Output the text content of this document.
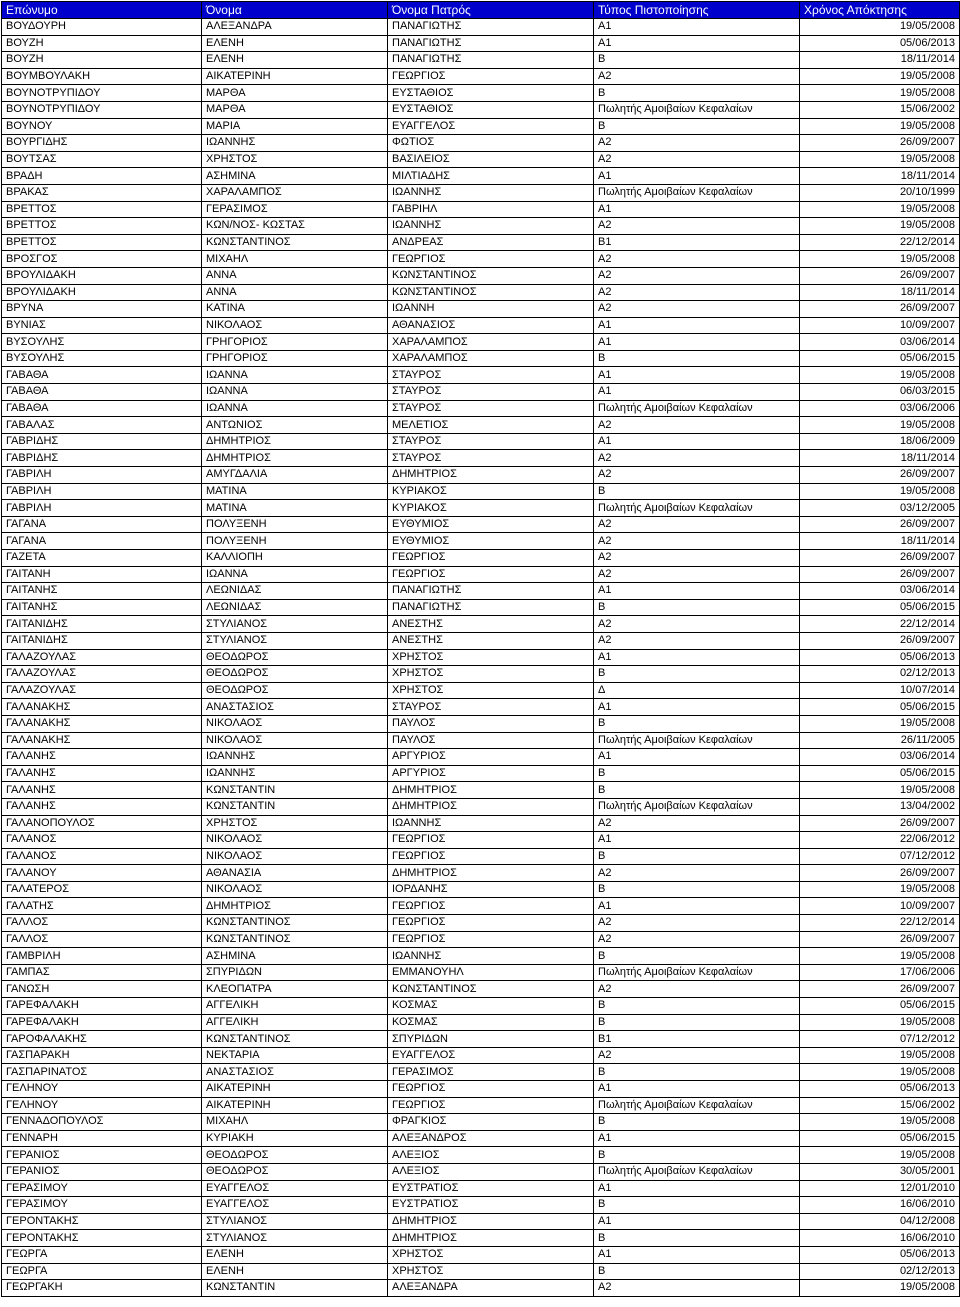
Επώνυμο	Όνομα	Όνομα Πατρός	Τύπος Πιστοποίησης	Χρόνος Απόκτησης
ΒΟΥΔΟΥΡΗ	ΑΛΕΞΑΝΔΡΑ	ΠΑΝΑΓΙΩΤΗΣ	Α1	19/05/2008
ΒΟΥΖΗ	ΕΛΕΝΗ	ΠΑΝΑΓΙΩΤΗΣ	Α1	05/06/2013
ΒΟΥΖΗ	ΕΛΕΝΗ	ΠΑΝΑΓΙΩΤΗΣ	Β	18/11/2014
ΒΟΥΜΒΟΥΛΑΚΗ	ΑΙΚΑΤΕΡΙΝΗ	ΓΕΩΡΓΙΟΣ	Α2	19/05/2008
ΒΟΥΝΟΤΡΥΠΙΔΟΥ	ΜΑΡΘΑ	ΕΥΣΤΑΘΙΟΣ	Β	19/05/2008
ΒΟΥΝΟΤΡΥΠΙΔΟΥ	ΜΑΡΘΑ	ΕΥΣΤΑΘΙΟΣ	Πωλητής Αμοιβαίων Κεφαλαίων	15/06/2002
ΒΟΥΝΟΥ	ΜΑΡΙΑ	ΕΥΑΓΓΕΛΟΣ	Β	19/05/2008
ΒΟΥΡΓΙΔΗΣ	ΙΩΑΝΝΗΣ	ΦΩΤΙΟΣ	Α2	26/09/2007
ΒΟΥΤΣΑΣ	ΧΡΗΣΤΟΣ	ΒΑΣΙΛΕΙΟΣ	Α2	19/05/2008
ΒΡΑΔΗ	ΑΣΗΜΙΝΑ	ΜΙΛΤΙΑΔΗΣ	Α1	18/11/2014
ΒΡΑΚΑΣ	ΧΑΡΑΛΑΜΠΟΣ	ΙΩΑΝΝΗΣ	Πωλητής Αμοιβαίων Κεφαλαίων	20/10/1999
ΒΡΕΤΤΟΣ	ΓΕΡΑΣΙΜΟΣ	ΓΑΒΡΙΗΛ	Α1	19/05/2008
ΒΡΕΤΤΟΣ	ΚΩΝ/ΝΟΣ- ΚΩΣΤΑΣ	ΙΩΑΝΝΗΣ	Α2	19/05/2008
ΒΡΕΤΤΟΣ	ΚΩΝΣΤΑΝΤΙΝΟΣ	ΑΝΔΡΕΑΣ	Β1	22/12/2014
ΒΡΟΣΓΟΣ	ΜΙΧΑΗΛ	ΓΕΩΡΓΙΟΣ	Α2	19/05/2008
ΒΡΟΥΛΙΔΑΚΗ	ΑΝΝΑ	ΚΩΝΣΤΑΝΤΙΝΟΣ	Α2	26/09/2007
ΒΡΟΥΛΙΔΑΚΗ	ΑΝΝΑ	ΚΩΝΣΤΑΝΤΙΝΟΣ	Α2	18/11/2014
ΒΡΥΝΑ	ΚΑΤΙΝΑ	ΙΩΑΝΝΗ	Α2	26/09/2007
ΒΥΝΙΑΣ	ΝΙΚΟΛΑΟΣ	ΑΘΑΝΑΣΙΟΣ	Α1	10/09/2007
ΒΥΣΟΥΛΗΣ	ΓΡΗΓΟΡΙΟΣ	ΧΑΡΑΛΑΜΠΟΣ	Α1	03/06/2014
ΒΥΣΟΥΛΗΣ	ΓΡΗΓΟΡΙΟΣ	ΧΑΡΑΛΑΜΠΟΣ	Β	05/06/2015
ΓΑΒΑΘΑ	ΙΩΑΝΝΑ	ΣΤΑΥΡΟΣ	Α1	19/05/2008
ΓΑΒΑΘΑ	ΙΩΑΝΝΑ	ΣΤΑΥΡΟΣ	Α1	06/03/2015
ΓΑΒΑΘΑ	ΙΩΑΝΝΑ	ΣΤΑΥΡΟΣ	Πωλητής Αμοιβαίων Κεφαλαίων	03/06/2006
ΓΑΒΑΛΑΣ	ΑΝΤΩΝΙΟΣ	ΜΕΛΕΤΙΟΣ	Α2	19/05/2008
ΓΑΒΡΙΔΗΣ	ΔΗΜΗΤΡΙΟΣ	ΣΤΑΥΡΟΣ	Α1	18/06/2009
ΓΑΒΡΙΔΗΣ	ΔΗΜΗΤΡΙΟΣ	ΣΤΑΥΡΟΣ	Α2	18/11/2014
ΓΑΒΡΙΛΗ	ΑΜΥΓΔΑΛΙΑ	ΔΗΜΗΤΡΙΟΣ	Α2	26/09/2007
ΓΑΒΡΙΛΗ	ΜΑΤΙΝΑ	ΚΥΡΙΑΚΟΣ	Β	19/05/2008
ΓΑΒΡΙΛΗ	ΜΑΤΙΝΑ	ΚΥΡΙΑΚΟΣ	Πωλητής Αμοιβαίων Κεφαλαίων	03/12/2005
ΓΑΓΑΝΑ	ΠΟΛΥΞΕΝΗ	ΕΥΘΥΜΙΟΣ	Α2	26/09/2007
ΓΑΓΑΝΑ	ΠΟΛΥΞΕΝΗ	ΕΥΘΥΜΙΟΣ	Α2	18/11/2014
ΓΑΖΕΤΑ	ΚΑΛΛΙΟΠΗ	ΓΕΩΡΓΙΟΣ	Α2	26/09/2007
ΓΑΙΤΑΝΗ	ΙΩΑΝΝΑ	ΓΕΩΡΓΙΟΣ	Α2	26/09/2007
ΓΑΙΤΑΝΗΣ	ΛΕΩΝΙΔΑΣ	ΠΑΝΑΓΙΩΤΗΣ	Α1	03/06/2014
ΓΑΙΤΑΝΗΣ	ΛΕΩΝΙΔΑΣ	ΠΑΝΑΓΙΩΤΗΣ	Β	05/06/2015
ΓΑΙΤΑΝΙΔΗΣ	ΣΤΥΛΙΑΝΟΣ	ΑΝΕΣΤΗΣ	Α2	22/12/2014
ΓΑΙΤΑΝΙΔΗΣ	ΣΤΥΛΙΑΝΟΣ	ΑΝΕΣΤΗΣ	Α2	26/09/2007
ΓΑΛΑΖΟΥΛΑΣ	ΘΕΟΔΩΡΟΣ	ΧΡΗΣΤΟΣ	Α1	05/06/2013
ΓΑΛΑΖΟΥΛΑΣ	ΘΕΟΔΩΡΟΣ	ΧΡΗΣΤΟΣ	Β	02/12/2013
ΓΑΛΑΖΟΥΛΑΣ	ΘΕΟΔΩΡΟΣ	ΧΡΗΣΤΟΣ	Δ	10/07/2014
ΓΑΛΑΝΑΚΗΣ	ΑΝΑΣΤΑΣΙΟΣ	ΣΤΑΥΡΟΣ	Α1	05/06/2015
ΓΑΛΑΝΑΚΗΣ	ΝΙΚΟΛΑΟΣ	ΠΑΥΛΟΣ	Β	19/05/2008
ΓΑΛΑΝΑΚΗΣ	ΝΙΚΟΛΑΟΣ	ΠΑΥΛΟΣ	Πωλητής Αμοιβαίων Κεφαλαίων	26/11/2005
ΓΑΛΑΝΗΣ	ΙΩΑΝΝΗΣ	ΑΡΓΥΡΙΟΣ	Α1	03/06/2014
ΓΑΛΑΝΗΣ	ΙΩΑΝΝΗΣ	ΑΡΓΥΡΙΟΣ	Β	05/06/2015
ΓΑΛΑΝΗΣ	ΚΩΝΣΤΑΝΤΙΝ	ΔΗΜΗΤΡΙΟΣ	Β	19/05/2008
ΓΑΛΑΝΗΣ	ΚΩΝΣΤΑΝΤΙΝ	ΔΗΜΗΤΡΙΟΣ	Πωλητής Αμοιβαίων Κεφαλαίων	13/04/2002
ΓΑΛΑΝΟΠΟΥΛΟΣ	ΧΡΗΣΤΟΣ	ΙΩΑΝΝΗΣ	Α2	26/09/2007
ΓΑΛΑΝΟΣ	ΝΙΚΟΛΑΟΣ	ΓΕΩΡΓΙΟΣ	Α1	22/06/2012
ΓΑΛΑΝΟΣ	ΝΙΚΟΛΑΟΣ	ΓΕΩΡΓΙΟΣ	Β	07/12/2012
ΓΑΛΑΝΟΥ	ΑΘΑΝΑΣΙΑ	ΔΗΜΗΤΡΙΟΣ	Α2	26/09/2007
ΓΑΛΑΤΕΡΟΣ	ΝΙΚΟΛΑΟΣ	ΙΟΡΔΑΝΗΣ	Β	19/05/2008
ΓΑΛΑΤΗΣ	ΔΗΜΗΤΡΙΟΣ	ΓΕΩΡΓΙΟΣ	Α1	10/09/2007
ΓΑΛΛΟΣ	ΚΩΝΣΤΑΝΤΙΝΟΣ	ΓΕΩΡΓΙΟΣ	Α2	22/12/2014
ΓΑΛΛΟΣ	ΚΩΝΣΤΑΝΤΙΝΟΣ	ΓΕΩΡΓΙΟΣ	Α2	26/09/2007
ΓΑΜΒΡΙΛΗ	ΑΣΗΜΙΝΑ	ΙΩΑΝΝΗΣ	Β	19/05/2008
ΓΑΜΠΑΣ	ΣΠΥΡΙΔΩΝ	ΕΜΜΑΝΟΥΗΛ	Πωλητής Αμοιβαίων Κεφαλαίων	17/06/2006
ΓΑΝΩΣΗ	ΚΛΕΟΠΑΤΡΑ	ΚΩΝΣΤΑΝΤΙΝΟΣ	Α2	26/09/2007
ΓΑΡΕΦΑΛΑΚΗ	ΑΓΓΕΛΙΚΗ	ΚΟΣΜΑΣ	Β	05/06/2015
ΓΑΡΕΦΑΛΑΚΗ	ΑΓΓΕΛΙΚΗ	ΚΟΣΜΑΣ	Β	19/05/2008
ΓΑΡΟΦΑΛΑΚΗΣ	ΚΩΝΣΤΑΝΤΙΝΟΣ	ΣΠΥΡΙΔΩΝ	Β1	07/12/2012
ΓΑΣΠΑΡΑΚΗ	ΝΕΚΤΑΡΙΑ	ΕΥΑΓΓΕΛΟΣ	Α2	19/05/2008
ΓΑΣΠΑΡΙΝΑΤΟΣ	ΑΝΑΣΤΑΣΙΟΣ	ΓΕΡΑΣΙΜΟΣ	Β	19/05/2008
ΓΕΛΗΝΟΥ	ΑΙΚΑΤΕΡΙΝΗ	ΓΕΩΡΓΙΟΣ	Α1	05/06/2013
ΓΕΛΗΝΟΥ	ΑΙΚΑΤΕΡΙΝΗ	ΓΕΩΡΓΙΟΣ	Πωλητής Αμοιβαίων Κεφαλαίων	15/06/2002
ΓΕΝΝΑΔΟΠΟΥΛΟΣ	ΜΙΧΑΗΛ	ΦΡΑΓΚΙΟΣ	Β	19/05/2008
ΓΕΝΝΑΡΗ	ΚΥΡΙΑΚΗ	ΑΛΕΞΑΝΔΡΟΣ	Α1	05/06/2015
ΓΕΡΑΝΙΟΣ	ΘΕΟΔΩΡΟΣ	ΑΛΕΞΙΟΣ	Β	19/05/2008
ΓΕΡΑΝΙΟΣ	ΘΕΟΔΩΡΟΣ	ΑΛΕΞΙΟΣ	Πωλητής Αμοιβαίων Κεφαλαίων	30/05/2001
ΓΕΡΑΣΙΜΟΥ	ΕΥΑΓΓΕΛΟΣ	ΕΥΣΤΡΑΤΙΟΣ	Α1	12/01/2010
ΓΕΡΑΣΙΜΟΥ	ΕΥΑΓΓΕΛΟΣ	ΕΥΣΤΡΑΤΙΟΣ	Β	16/06/2010
ΓΕΡΟΝΤΑΚΗΣ	ΣΤΥΛΙΑΝΟΣ	ΔΗΜΗΤΡΙΟΣ	Α1	04/12/2008
ΓΕΡΟΝΤΑΚΗΣ	ΣΤΥΛΙΑΝΟΣ	ΔΗΜΗΤΡΙΟΣ	Β	16/06/2010
ΓΕΩΡΓΑ	ΕΛΕΝΗ	ΧΡΗΣΤΟΣ	Α1	05/06/2013
ΓΕΩΡΓΑ	ΕΛΕΝΗ	ΧΡΗΣΤΟΣ	Β	02/12/2013
ΓΕΩΡΓΑΚΗ	ΚΩΝΣΤΑΝΤΙΝ	ΑΛΕΞΑΝΔΡΑ	Α2	19/05/2008
